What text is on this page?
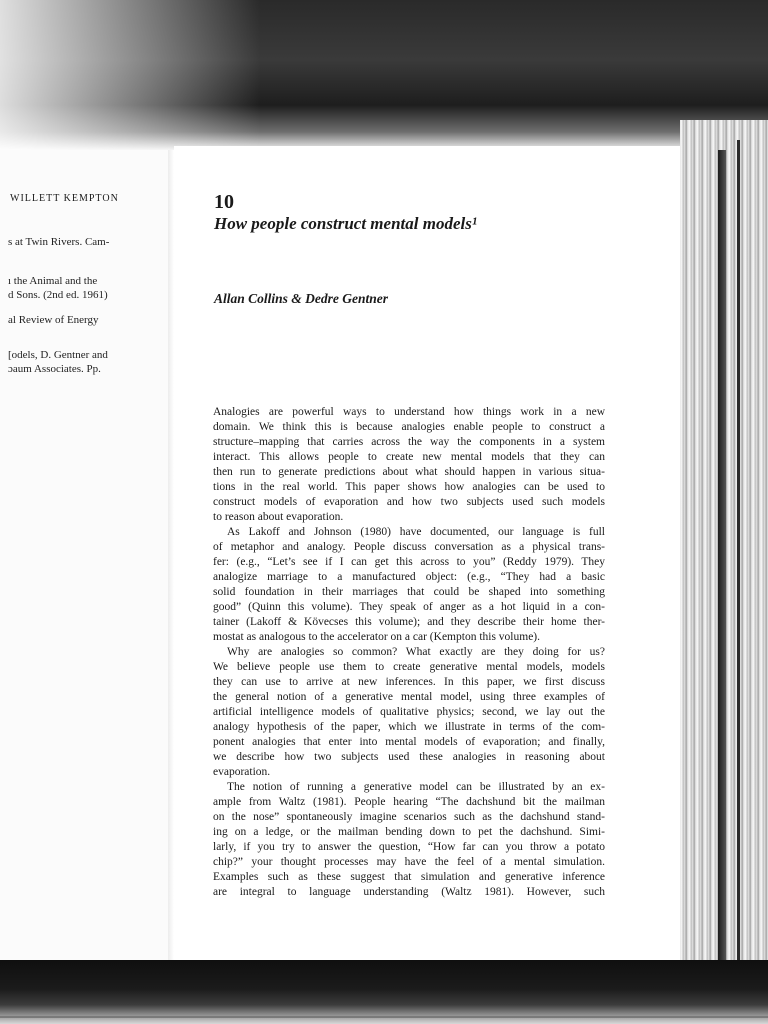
WILLETT KEMPTON
s at Twin Rivers. Cam-
ı the Animal and the
d Sons. (2nd ed. 1961)
al Review of Energy
[odels, D. Gentner and
ɔaum Associates. Pp.
10
How people construct mental models¹
Allan Collins & Dedre Gentner
Analogies are powerful ways to understand how things work in a new
domain. We think this is because analogies enable people to construct a
structure–mapping that carries across the way the components in a system
interact. This allows people to create new mental models that they can
then run to generate predictions about what should happen in various situa-
tions in the real world. This paper shows how analogies can be used to
construct models of evaporation and how two subjects used such models
to reason about evaporation.
As Lakoff and Johnson (1980) have documented, our language is full
of metaphor and analogy. People discuss conversation as a physical trans-
fer: (e.g., “Let’s see if I can get this across to you” (Reddy 1979). They
analogize marriage to a manufactured object: (e.g., “They had a basic
solid foundation in their marriages that could be shaped into something
good” (Quinn this volume). They speak of anger as a hot liquid in a con-
tainer (Lakoff & Kövecses this volume); and they describe their home ther-
mostat as analogous to the accelerator on a car (Kempton this volume).
Why are analogies so common? What exactly are they doing for us?
We believe people use them to create generative mental models, models
they can use to arrive at new inferences. In this paper, we first discuss
the general notion of a generative mental model, using three examples of
artificial intelligence models of qualitative physics; second, we lay out the
analogy hypothesis of the paper, which we illustrate in terms of the com-
ponent analogies that enter into mental models of evaporation; and finally,
we describe how two subjects used these analogies in reasoning about
evaporation.
The notion of running a generative model can be illustrated by an ex-
ample from Waltz (1981). People hearing “The dachshund bit the mailman
on the nose” spontaneously imagine scenarios such as the dachshund stand-
ing on a ledge, or the mailman bending down to pet the dachshund. Simi-
larly, if you try to answer the question, “How far can you throw a potato
chip?” your thought processes may have the feel of a mental simulation.
Examples such as these suggest that simulation and generative inference
are integral to language understanding (Waltz 1981). However, such
